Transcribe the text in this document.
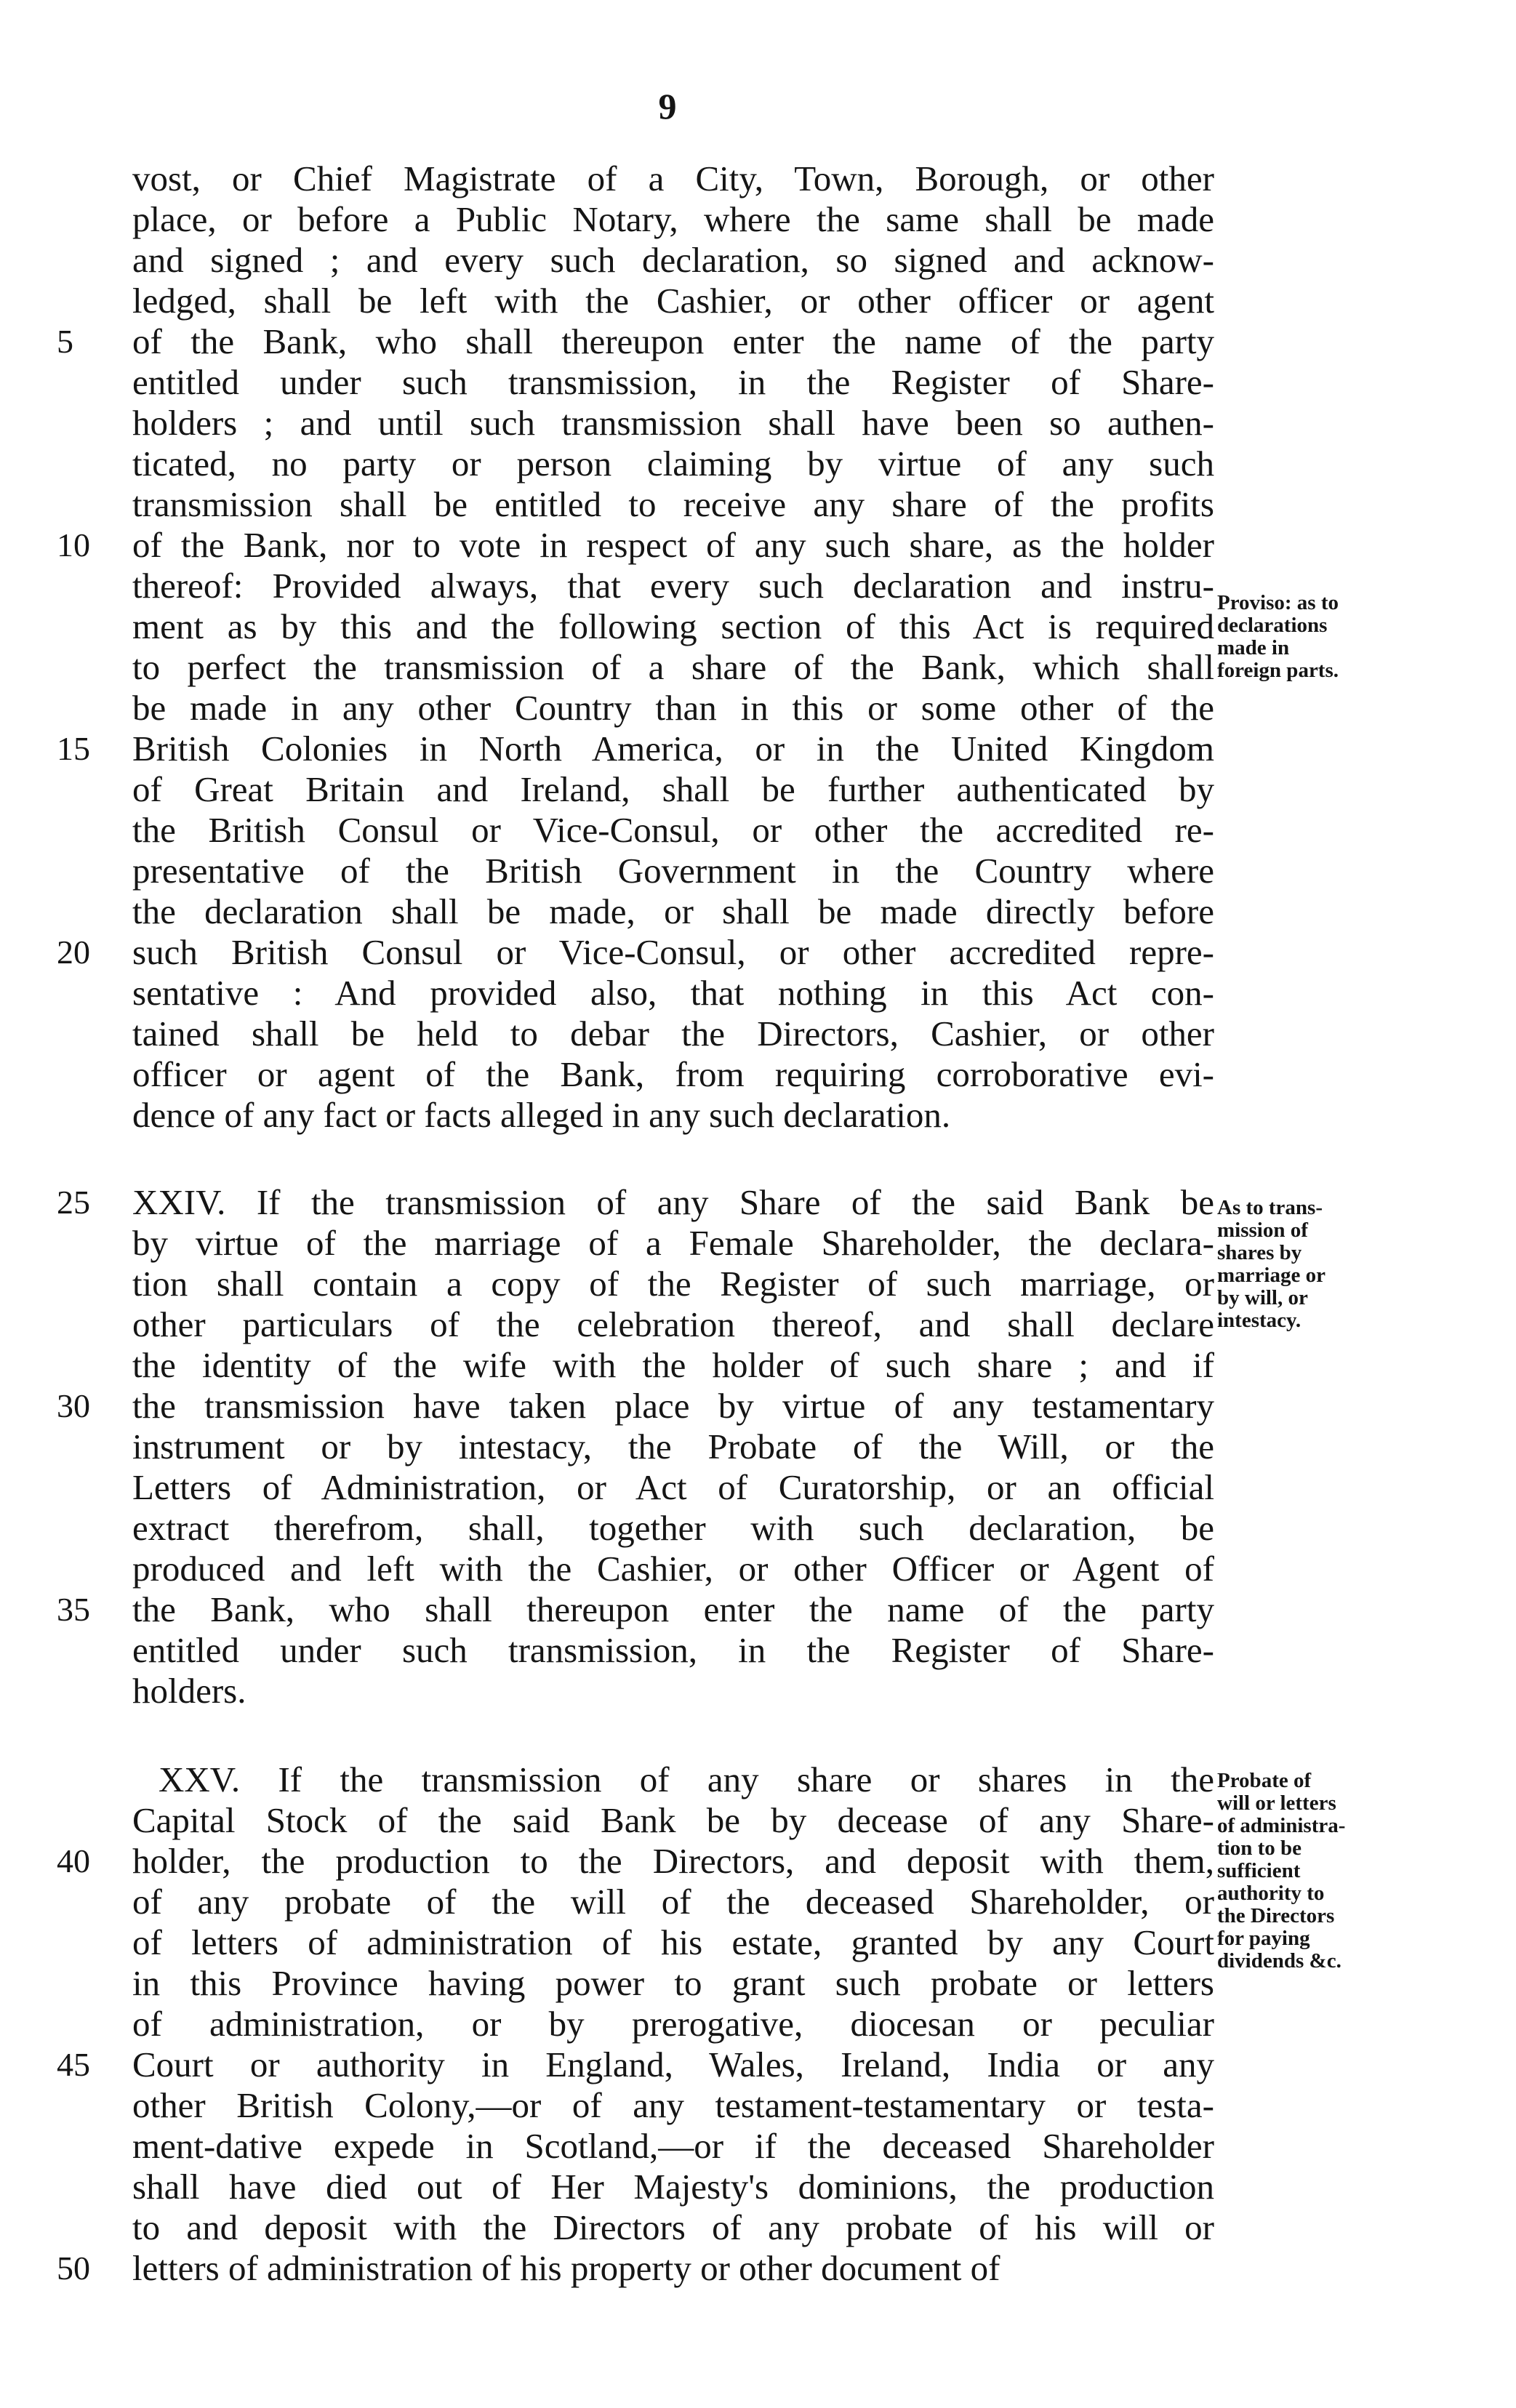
9
vost, or Chief Magistrate of a City, Town, Borough, or other
place, or before a Public Notary, where the same shall be made
and signed ; and every such declaration, so signed and acknow-
ledged, shall be left with the Cashier, or other officer or agent
5	of the Bank, who shall thereupon enter the name of the party
entitled under such transmission, in the Register of Share-
holders ; and until such transmission shall have been so authen-
ticated, no party or person claiming by virtue of any such
transmission shall be entitled to receive any share of the profits
10	of the Bank, nor to vote in respect of any such share, as the holder
thereof: Provided always, that every such declaration and instru-
ment as by this and the following section of this Act is required
to perfect the transmission of a share of the Bank, which shall
be made in any other Country than in this or some other of the
15	British Colonies in North America, or in the United Kingdom
of Great Britain and Ireland, shall be further authenticated by
the British Consul or Vice-Consul, or other the accredited re-
presentative of the British Government in the Country where
the declaration shall be made, or shall be made directly before
20	such British Consul or Vice-Consul, or other accredited repre-
sentative : And provided also, that nothing in this Act con-
tained shall be held to debar the Directors, Cashier, or other
officer or agent of the Bank, from requiring corroborative evi-
dence of any fact or facts alleged in any such declaration.
25	XXIV. If the transmission of any Share of the said Bank be
by virtue of the marriage of a Female Shareholder, the declara-
tion shall contain a copy of the Register of such marriage, or
other particulars of the celebration thereof, and shall declare
the identity of the wife with the holder of such share ; and if
30	the transmission have taken place by virtue of any testamentary
instrument or by intestacy, the Probate of the Will, or the
Letters of Administration, or Act of Curatorship, or an official
extract therefrom, shall, together with such declaration, be
produced and left with the Cashier, or other Officer or Agent of
35	the Bank, who shall thereupon enter the name of the party
entitled under such transmission, in the Register of Share-
holders.
XXV. If the transmission of any share or shares in the
Capital Stock of the said Bank be by decease of any Share-
40	holder, the production to the Directors, and deposit with them,
of any probate of the will of the deceased Shareholder, or
of letters of administration of his estate, granted by any Court
in this Province having power to grant such probate or letters
of administration, or by prerogative, diocesan or peculiar
45	Court or authority in England, Wales, Ireland, India or any
other British Colony,—or of any testament-testamentary or testa-
ment-dative expede in Scotland,—or if the deceased Shareholder
shall have died out of Her Majesty's dominions, the production
to and deposit with the Directors of any probate of his will or
50	letters of administration of his property or other document of
Proviso: as to
declarations
made in
foreign parts.
As to trans-
mission of
shares by
marriage or
by will, or
intestacy.
Probate of
will or letters
of administra-
tion to be
sufficient
authority to
the Directors
for paying
dividends &c.
